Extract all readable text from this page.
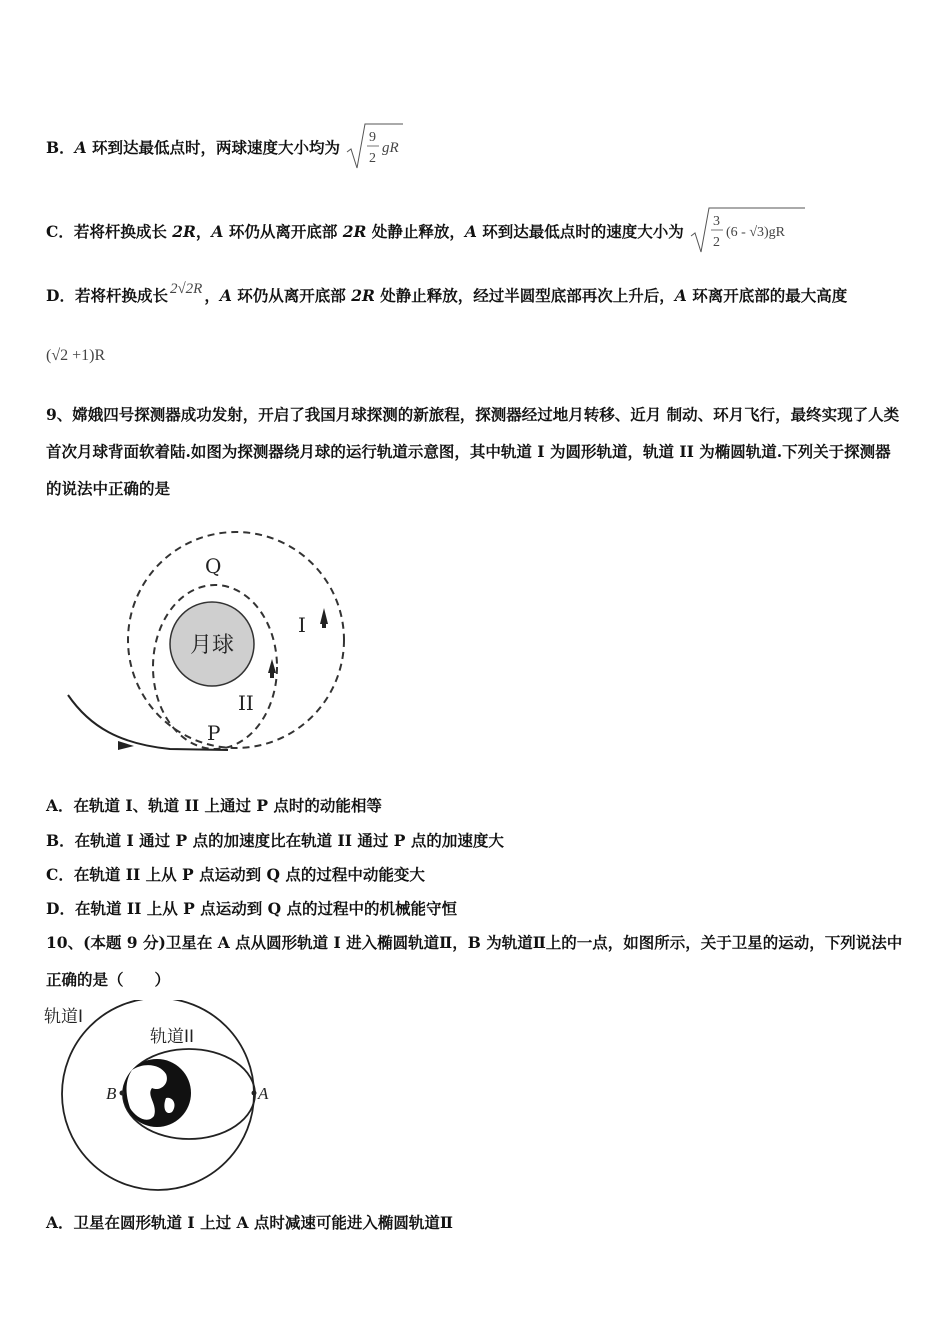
B．A 环到达最低点时，两球速度大小均为
9
2
gR
C．若将杆换成长 2R，A 环仍从离开底部 2R 处静止释放，A 环到达最低点时的速度大小为
3
2
(6 - √3)gR
D．若将杆换成长 2√2R ，A 环仍从离开底部 2R 处静止释放，经过半圆型底部再次上升后，A 环离开底部的最大高度
(√2 +1)R
9、嫦娥四号探测器成功发射，开启了我国月球探测的新旅程，探测器经过地月转移、近月 制动、环月飞行，最终实现了人类首次月球背面软着陆.如图为探测器绕月球的运行轨道示意图，其中轨道 I 为圆形轨道，轨道 II 为椭圆轨道.下列关于探测器的说法中正确的是
月球
Q
I
II
P
A．在轨道 I、轨道 II 上通过 P 点时的动能相等
B．在轨道 I 通过 P 点的加速度比在轨道 II 通过 P 点的加速度大
C．在轨道 II 上从 P 点运动到 Q 点的过程中动能变大
D．在轨道 II 上从 P 点运动到 Q 点的过程中的机械能守恒
10、(本题 9 分)卫星在 A 点从圆形轨道 I 进入椭圆轨道Ⅱ，B 为轨道Ⅱ上的一点，如图所示，关于卫星的运动，下列说法中正确的是（　　）
轨道I
轨道II
B	A
A．卫星在圆形轨道 I 上过 A 点时减速可能进入椭圆轨道Ⅱ
